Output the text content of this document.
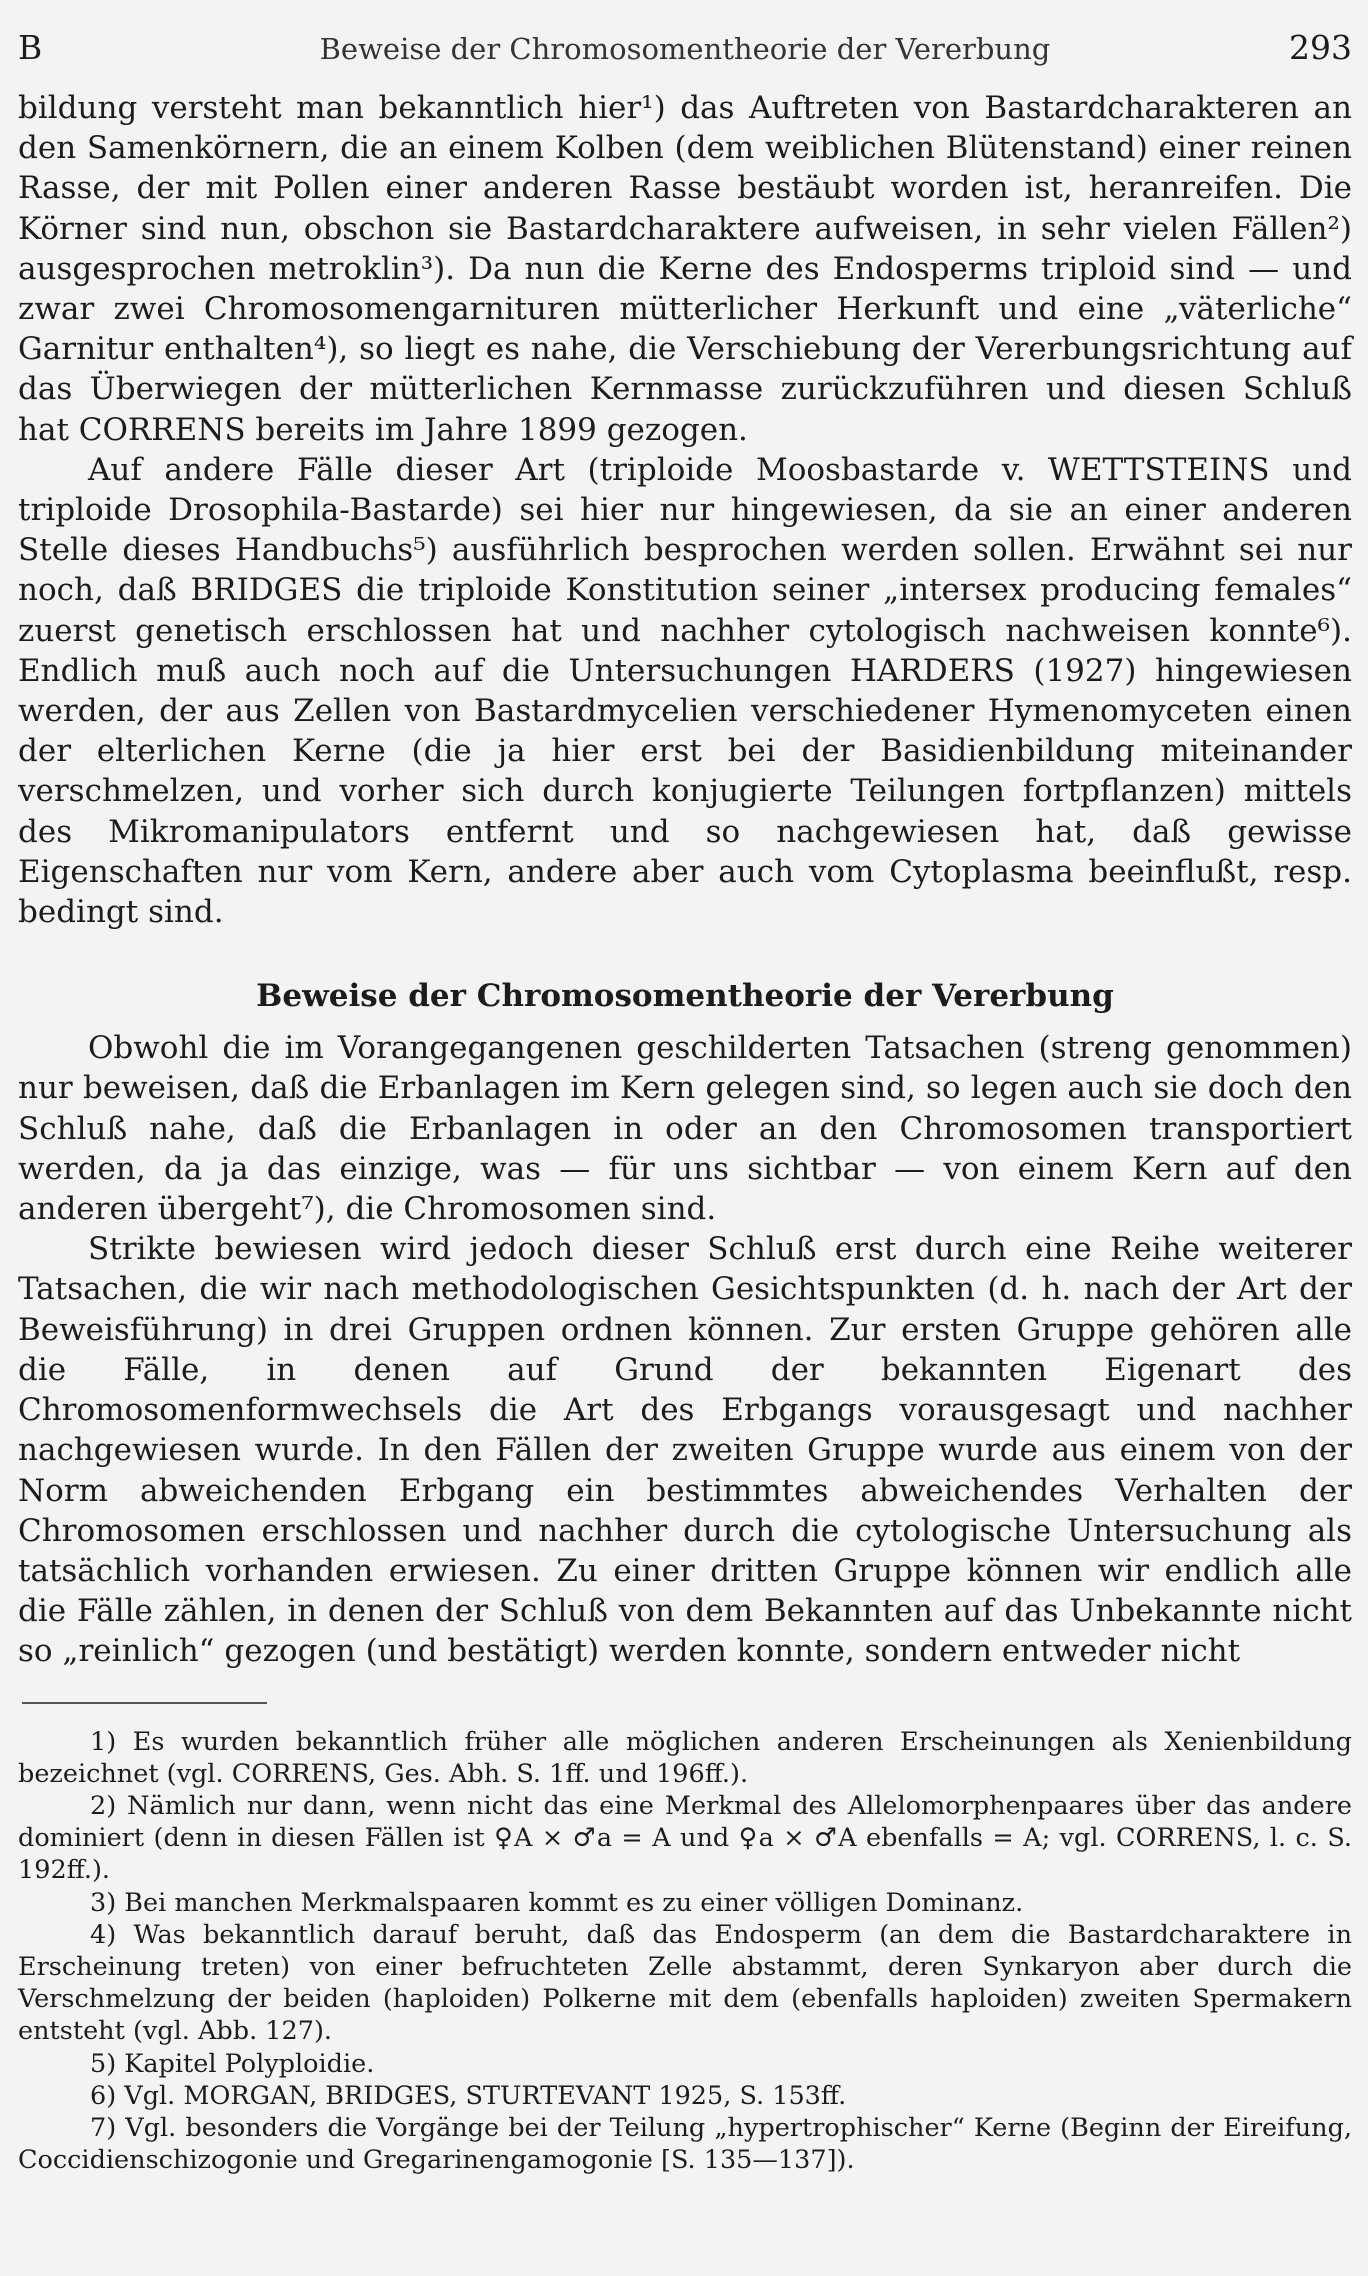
B	Beweise der Chromosomentheorie der Vererbung	293

bildung versteht man bekanntlich hier¹) das Auftreten von Bastardcharakteren an den Samenkörnern, die an einem Kolben (dem weiblichen Blütenstand) einer reinen Rasse, der mit Pollen einer anderen Rasse bestäubt worden ist, heranreifen. Die Körner sind nun, obschon sie Bastardcharaktere aufweisen, in sehr vielen Fällen²) ausgesprochen metroklin³). Da nun die Kerne des Endosperms triploid sind — und zwar zwei Chromosomengarnituren mütterlicher Herkunft und eine „väterliche“ Garnitur enthalten⁴), so liegt es nahe, die Verschiebung der Vererbungsrichtung auf das Überwiegen der mütterlichen Kernmasse zurückzuführen und diesen Schluß hat CORRENS bereits im Jahre 1899 gezogen.

Auf andere Fälle dieser Art (triploide Moosbastarde v. WETTSTEINS und triploide Drosophila-Bastarde) sei hier nur hingewiesen, da sie an einer anderen Stelle dieses Handbuchs⁵) ausführlich besprochen werden sollen. Erwähnt sei nur noch, daß BRIDGES die triploide Konstitution seiner „intersex producing females“ zuerst genetisch erschlossen hat und nachher cytologisch nachweisen konnte⁶). Endlich muß auch noch auf die Untersuchungen HARDERS (1927) hingewiesen werden, der aus Zellen von Bastardmycelien verschiedener Hymenomyceten einen der elterlichen Kerne (die ja hier erst bei der Basidienbildung miteinander verschmelzen, und vorher sich durch konjugierte Teilungen fortpflanzen) mittels des Mikromanipulators entfernt und so nachgewiesen hat, daß gewisse Eigenschaften nur vom Kern, andere aber auch vom Cytoplasma beeinflußt, resp. bedingt sind.

Beweise der Chromosomentheorie der Vererbung

Obwohl die im Vorangegangenen geschilderten Tatsachen (streng genommen) nur beweisen, daß die Erbanlagen im Kern gelegen sind, so legen auch sie doch den Schluß nahe, daß die Erbanlagen in oder an den Chromosomen transportiert werden, da ja das einzige, was — für uns sichtbar — von einem Kern auf den anderen übergeht⁷), die Chromosomen sind.

Strikte bewiesen wird jedoch dieser Schluß erst durch eine Reihe weiterer Tatsachen, die wir nach methodologischen Gesichtspunkten (d. h. nach der Art der Beweisführung) in drei Gruppen ordnen können. Zur ersten Gruppe gehören alle die Fälle, in denen auf Grund der bekannten Eigenart des Chromosomenformwechsels die Art des Erbgangs vorausgesagt und nachher nachgewiesen wurde. In den Fällen der zweiten Gruppe wurde aus einem von der Norm abweichenden Erbgang ein bestimmtes abweichendes Verhalten der Chromosomen erschlossen und nachher durch die cytologische Untersuchung als tatsächlich vorhanden erwiesen. Zu einer dritten Gruppe können wir endlich alle die Fälle zählen, in denen der Schluß von dem Bekannten auf das Unbekannte nicht so „reinlich“ gezogen (und bestätigt) werden konnte, sondern entweder nicht

1) Es wurden bekanntlich früher alle möglichen anderen Erscheinungen als Xenienbildung bezeichnet (vgl. CORRENS, Ges. Abh. S. 1ff. und 196ff.).

2) Nämlich nur dann, wenn nicht das eine Merkmal des Allelomorphenpaares über das andere dominiert (denn in diesen Fällen ist ♀A × ♂a = A und ♀a × ♂A ebenfalls = A; vgl. CORRENS, l. c. S. 192ff.).

3) Bei manchen Merkmalspaaren kommt es zu einer völligen Dominanz.

4) Was bekanntlich darauf beruht, daß das Endosperm (an dem die Bastardcharaktere in Erscheinung treten) von einer befruchteten Zelle abstammt, deren Synkaryon aber durch die Verschmelzung der beiden (haploiden) Polkerne mit dem (ebenfalls haploiden) zweiten Spermakern entsteht (vgl. Abb. 127).

5) Kapitel Polyploidie.

6) Vgl. MORGAN, BRIDGES, STURTEVANT 1925, S. 153ff.

7) Vgl. besonders die Vorgänge bei der Teilung „hypertrophischer“ Kerne (Beginn der Eireifung, Coccidienschizogonie und Gregarinengamogonie [S. 135—137]).
